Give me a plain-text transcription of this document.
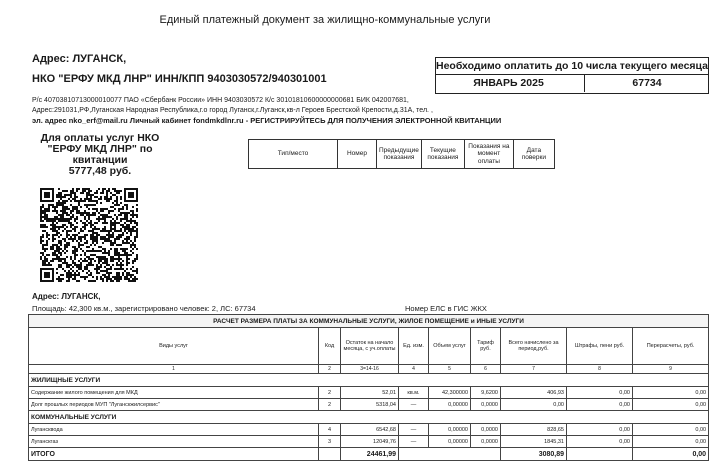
Единый платежный документ за жилищно-коммунальные услуги
Адрес: ЛУГАНСК,
НКО "ЕРФУ МКД ЛНР" ИНН/КПП 9403030572/940301001
Необходимо оплатить до 10 числа текущего месяца
ЯНВАРЬ 2025	67734
Р/с 40703810713000010077 ПАО «Сбербанк России» ИНН 9403030572 К/с 30101810600000000681 БИК 042007681,
Адрес:291031,РФ,Луганская Народная Республика,г.о город Луганск,г.Луганск,кв-л Героев Брестской Крепости,д.31А, тел. ,
эл. адрес nko_erf@mail.ru Личный кабинет fondmkdlnr.ru - РЕГИСТРИРУЙТЕСЬ ДЛЯ ПОЛУЧЕНИЯ ЭЛЕКТРОННОЙ КВИТАНЦИИ
Для оплаты услуг НКО
"ЕРФУ МКД ЛНР" по
квитанции
5777,48 руб.
Тип/место	Номер	Предыдущие показания	Текущие показания	Показания на момент оплаты	Дата поверки
Адрес: ЛУГАНСК,
Площадь: 42,300 кв.м., зарегистрировано человек: 2, ЛС: 67734	Номер ЕЛС в ГИС ЖКХ
РАСЧЕТ РАЗМЕРА ПЛАТЫ ЗА КОММУНАЛЬНЫЕ УСЛУГИ, ЖИЛОЕ ПОМЕЩЕНИЕ и ИНЫЕ УСЛУГИ								
Виды услуг	Код	Остаток на начало месяца, с уч.оплаты	Ед. изм.	Объем услуг	Тариф руб.	Всего начислено за период,руб.	Штрафы, пени руб.	Перерасчеты, руб.
1	2	3=14-16	4	5	6	7	8	9
ЖИЛИЩНЫЕ УСЛУГИ								
Содержание жилого помещения для МКД	2	52,01	кв.м.	42,300000	9,6200	406,93	0,00	0,00
Долг прошлых периодов МУП "Луганскжилсервис"	2	5318,04	—	0,00000	0,0000	0,00	0,00	0,00
КОММУНАЛЬНЫЕ УСЛУГИ								
Лугансквода	4	6542,68	—	0,00000	0,0000	828,65	0,00	0,00
Луганскгаз	3	12049,76	—	0,00000	0,0000	1845,31	0,00	0,00
ИТОГО		24461,99				3080,89		0,00
